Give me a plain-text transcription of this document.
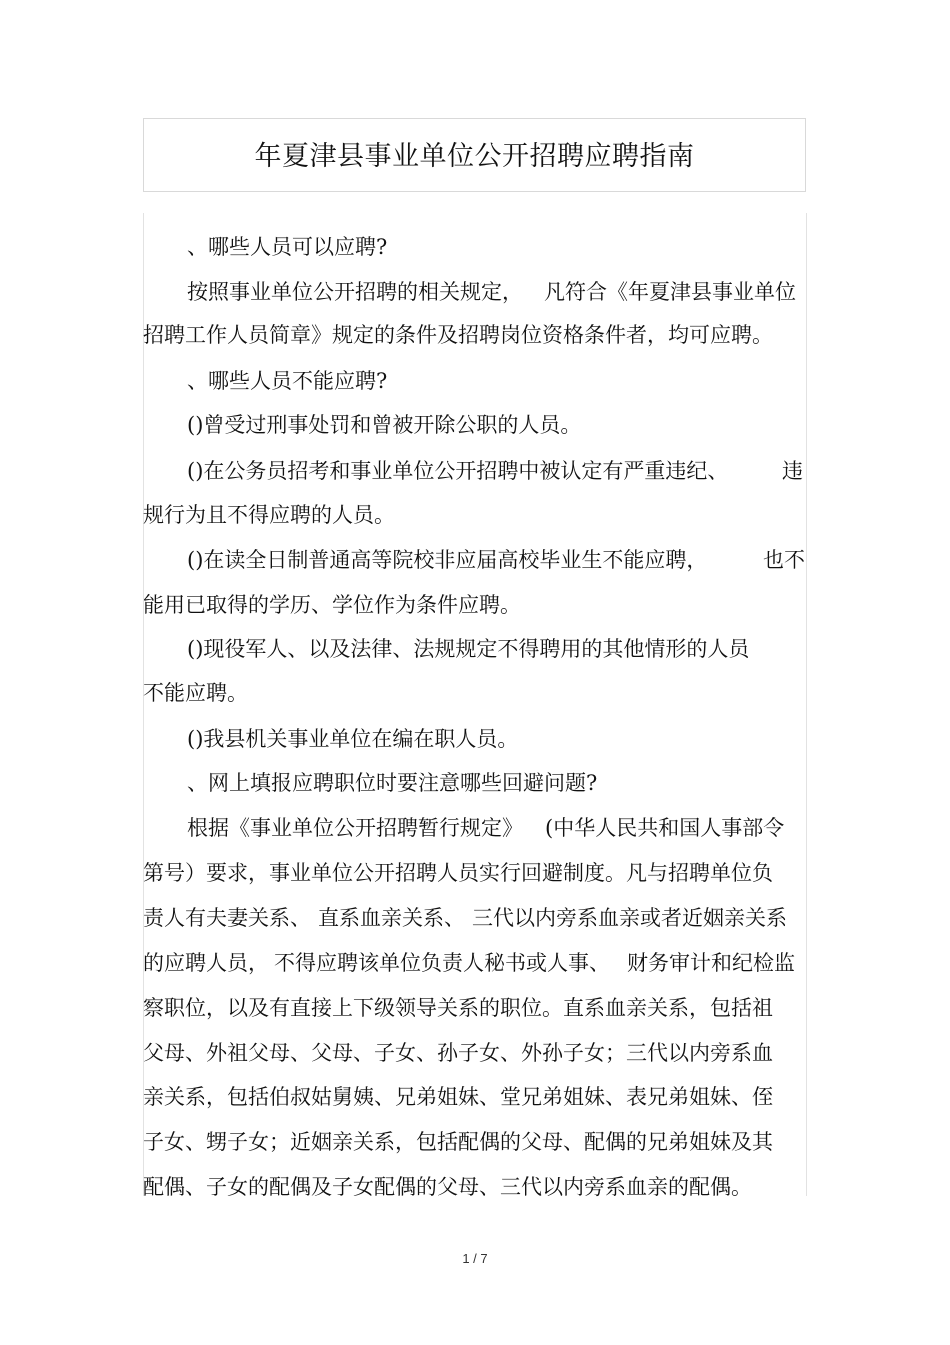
年夏津县事业单位公开招聘应聘指南
、哪些人员可以应聘?
按照事业单位公开招聘的相关规定， 凡符合《年夏津县事业单位
招聘工作人员简章》规定的条件及招聘岗位资格条件者，均可应聘。
、哪些人员不能应聘?
()曾受过刑事处罚和曾被开除公职的人员。
()在公务员招考和事业单位公开招聘中被认定有严重违纪、	违
规行为且不得应聘的人员。
()在读全日制普通高等院校非应届高校毕业生不能应聘，	也不
能用已取得的学历、学位作为条件应聘。
()现役军人、以及法律、法规规定不得聘用的其他情形的人员
不能应聘。
()我县机关事业单位在编在职人员。
、网上填报应聘职位时要注意哪些回避问题?
根据《事业单位公开招聘暂行规定》 (中华人民共和国人事部令
第号）要求，事业单位公开招聘人员实行回避制度。凡与招聘单位负
责人有夫妻关系、 直系血亲关系、 三代以内旁系血亲或者近姻亲关系
的应聘人员， 不得应聘该单位负责人秘书或人事、 财务审计和纪检监
察职位，以及有直接上下级领导关系的职位。直系血亲关系，包括祖
父母、外祖父母、父母、子女、孙子女、外孙子女；三代以内旁系血
亲关系，包括伯叔姑舅姨、兄弟姐妹、堂兄弟姐妹、表兄弟姐妹、侄
子女、甥子女；近姻亲关系，包括配偶的父母、配偶的兄弟姐妹及其
配偶、子女的配偶及子女配偶的父母、三代以内旁系血亲的配偶。
1 / 7
